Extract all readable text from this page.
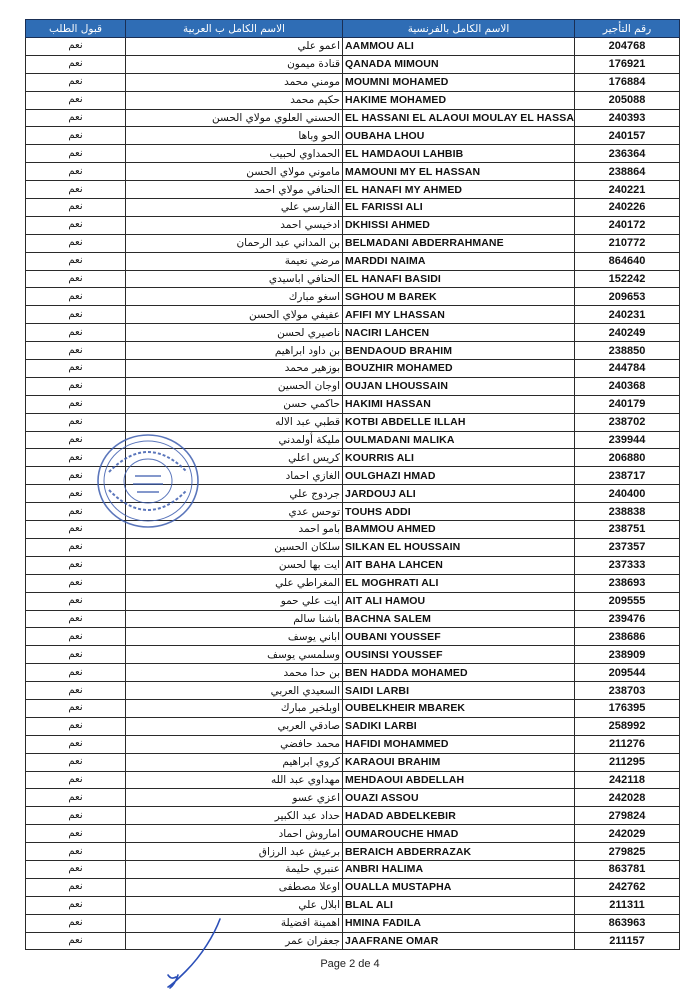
قبول الطلب	الاسم الكامل ب العربية	الاسم الكامل بالفرنسية	رقم التأجير
نعم	اعمو علي	AAMMOU ALI	204768
نعم	قنادة ميمون	QANADA MIMOUN	176921
نعم	مومني محمد	MOUMNI MOHAMED	176884
نعم	حكيم محمد	HAKIME MOHAMED	205088
نعم	الحسني العلوي مولاي الحسن	EL HASSANI EL ALAOUI MOULAY EL HASSA	240393
نعم	الحو وباها	OUBAHA LHOU	240157
نعم	الحمداوي لحبيب	EL HAMDAOUI LAHBIB	236364
نعم	ماموني مولاي الحسن	MAMOUNI MY EL HASSAN	238864
نعم	الحنافي مولاي احمد	EL HANAFI MY AHMED	240221
نعم	الفارسي علي	EL FARISSI ALI	240226
نعم	ادخيسي احمد	DKHISSI AHMED	240172
نعم	بن المداني عبد الرحمان	BELMADANI ABDERRAHMANE	210772
نعم	مرضي نعيمة	MARDDI NAIMA	864640
نعم	الحنافي اباسيدي	EL HANAFI BASIDI	152242
نعم	اسغو مبارك	SGHOU M BAREK	209653
نعم	عفيفي مولاي الحسن	AFIFI MY LHASSAN	240231
نعم	ناصيري لحسن	NACIRI LAHCEN	240249
نعم	بن داود ابراهيم	BENDAOUD BRAHIM	238850
نعم	بوزهير محمد	BOUZHIR MOHAMED	244784
نعم	اوجان الحسين	OUJAN LHOUSSAIN	240368
نعم	حاكمي حسن	HAKIMI HASSAN	240179
نعم	قطبي عبد الاله	KOTBI ABDELLE ILLAH	238702
نعم	مليكة أولمدني	OULMADANI MALIKA	239944
نعم	كريس اعلي	KOURRIS ALI	206880
نعم	الغازي احماد	OULGHAZI HMAD	238717
نعم	جردوج علي	JARDOUJ ALI	240400
نعم	توحس عدي	TOUHS ADDI	238838
نعم	بامو احمد	BAMMOU AHMED	238751
نعم	سلكان الحسين	SILKAN EL HOUSSAIN	237357
نعم	ايت بها لحسن	AIT BAHA LAHCEN	237333
نعم	المغراطي علي	EL MOGHRATI ALI	238693
نعم	ايت علي حمو	AIT ALI HAMOU	209555
نعم	باشنا سالم	BACHNA SALEM	239476
نعم	اباني يوسف	OUBANI YOUSSEF	238686
نعم	وسلمسي يوسف	OUSINSI YOUSSEF	238909
نعم	بن حدا محمد	BEN HADDA MOHAMED	209544
نعم	السعيدي العربي	SAIDI LARBI	238703
نعم	اوبلخير مبارك	OUBELKHEIR MBAREK	176395
نعم	صادقي العربي	SADIKI LARBI	258992
نعم	محمد حافضي	HAFIDI MOHAMMED	211276
نعم	كروي ابراهيم	KARAOUI BRAHIM	211295
نعم	مهداوي عبد الله	MEHDAOUI ABDELLAH	242118
نعم	اعزي عسو	OUAZI ASSOU	242028
نعم	حداد عبد الكبير	HADAD ABDELKEBIR	279824
نعم	اماروش احماد	OUMAROUCHE HMAD	242029
نعم	برعيش عبد الرزاق	BERAICH ABDERRAZAK	279825
نعم	عنبري حليمة	ANBRI HALIMA	863781
نعم	اوعلا مصطفى	OUALLA MUSTAPHA	242762
نعم	ابلال علي	BLAL ALI	211311
نعم	اهمينة افضيلة	HMINA FADILA	863963
نعم	جعفران عمر	JAAFRANE OMAR	211157
Page 2 de 4
